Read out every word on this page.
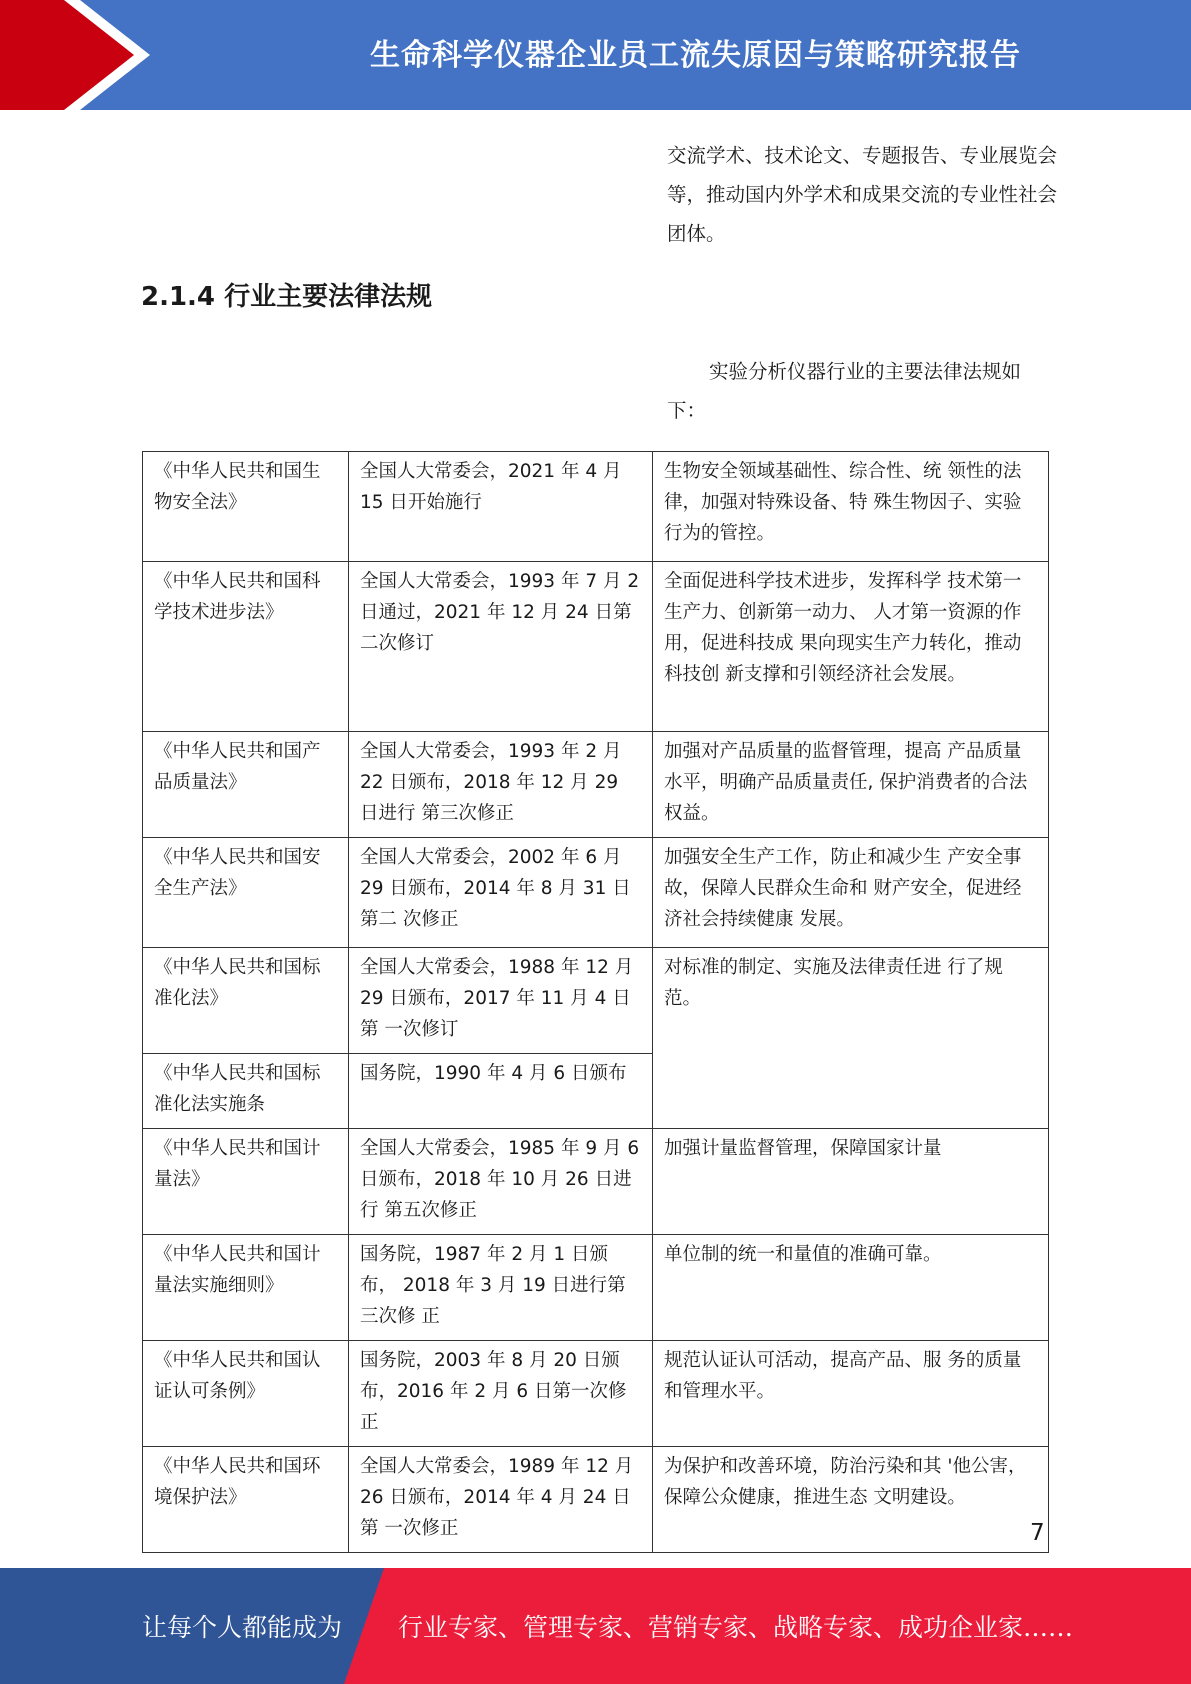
生命科学仪器企业员工流失原因与策略研究报告
交流学术、技术论文、专题报告、专业展览会等，推动国内外学术和成果交流的专业性社会团体。
2.1.4 行业主要法律法规
实验分析仪器行业的主要法律法规如下：
《中华人民共和国生 物安全法》	全国人大常委会，2021 年 4 月 15 日开始施行	生物安全领域基础性、综合性、统 领性的法律，加强对特殊设备、特 殊生物因子、实验行为的管控。
《中华人民共和国科 学技术进步法》	全国人大常委会，1993 年 7 月 2 日通过，2021 年 12 月 24 日第 二次修订	全面促进科学技术进步，发挥科学 技术第一生产力、创新第一动力、 人才第一资源的作用，促进科技成 果向现实生产力转化，推动科技创 新支撑和引领经济社会发展。
《中华人民共和国产 品质量法》	全国人大常委会，1993 年 2 月 22 日颁布，2018 年 12 月 29 日进行 第三次修正	加强对产品质量的监督管理，提高 产品质量水平，明确产品质量责任, 保护消费者的合法权益。
《中华人民共和国安 全生产法》	全国人大常委会，2002 年 6 月 29 日颁布，2014 年 8 月 31 日第二 次修正	加强安全生产工作，防止和减少生 产安全事故，保障人民群众生命和 财产安全，促进经济社会持续健康 发展。
《中华人民共和国标 准化法》	全国人大常委会，1988 年 12 月 29 日颁布，2017 年 11 月 4 日第 一次修订	对标准的制定、实施及法律责任进 行了规范。
《中华人民共和国标 准化法实施条	国务院，1990 年 4 月 6 日颁布	
《中华人民共和国计 量法》	全国人大常委会，1985 年 9 月 6 日颁布，2018 年 10 月 26 日进行 第五次修正	加强计量监督管理，保障国家计量
《中华人民共和国计 量法实施细则》	国务院，1987 年 2 月 1 日颁布， 2018 年 3 月 19 日进行第三次修 正	单位制的统一和量值的准确可靠。
《中华人民共和国认 证认可条例》	国务院，2003 年 8 月 20 日颁布，2016 年 2 月 6 日第一次修正	规范认证认可活动，提高产品、服 务的质量和管理水平。
《中华人民共和国环 境保护法》	全国人大常委会，1989 年 12 月 26 日颁布，2014 年 4 月 24 日第 一次修正	为保护和改善环境，防治污染和其 '他公害，保障公众健康，推进生态 文明建设。
7
让每个人都能成为 行业专家、管理专家、营销专家、战略专家、成功企业家……
